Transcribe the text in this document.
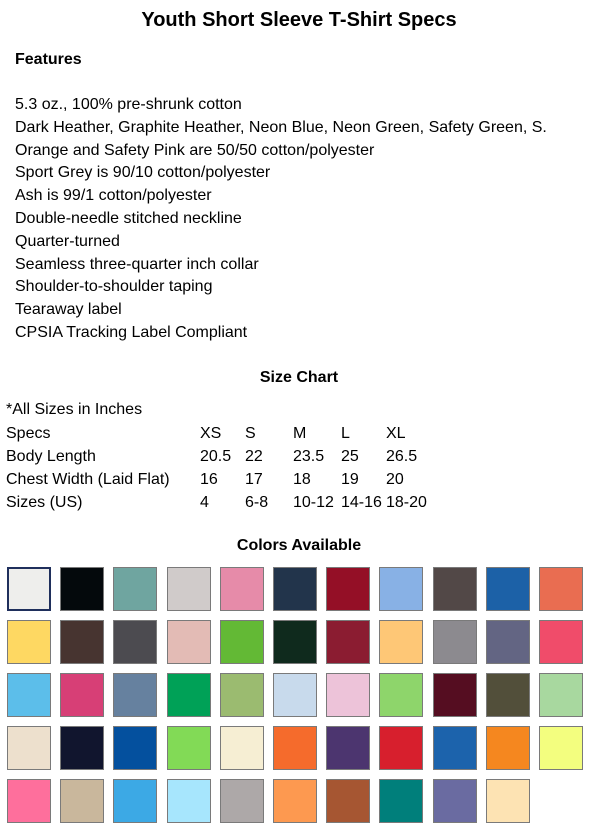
Youth Short Sleeve T-Shirt Specs
Features
5.3 oz., 100% pre-shrunk cotton
Dark Heather, Graphite Heather, Neon Blue, Neon Green, Safety Green, S.
Orange and Safety Pink are 50/50 cotton/polyester
Sport Grey is 90/10 cotton/polyester
Ash is 99/1 cotton/polyester
Double-needle stitched neckline
Quarter-turned
Seamless three-quarter inch collar
Shoulder-to-shoulder taping
Tearaway label
CPSIA Tracking Label Compliant
Size Chart
*All Sizes in Inches
Specs	XS	S	M	L	XL
Body Length	20.5	22	23.5	25	26.5
Chest Width (Laid Flat)	16	17	18	19	20
Sizes (US)	4	6-8	10-12	14-16	18-20
Colors Available
